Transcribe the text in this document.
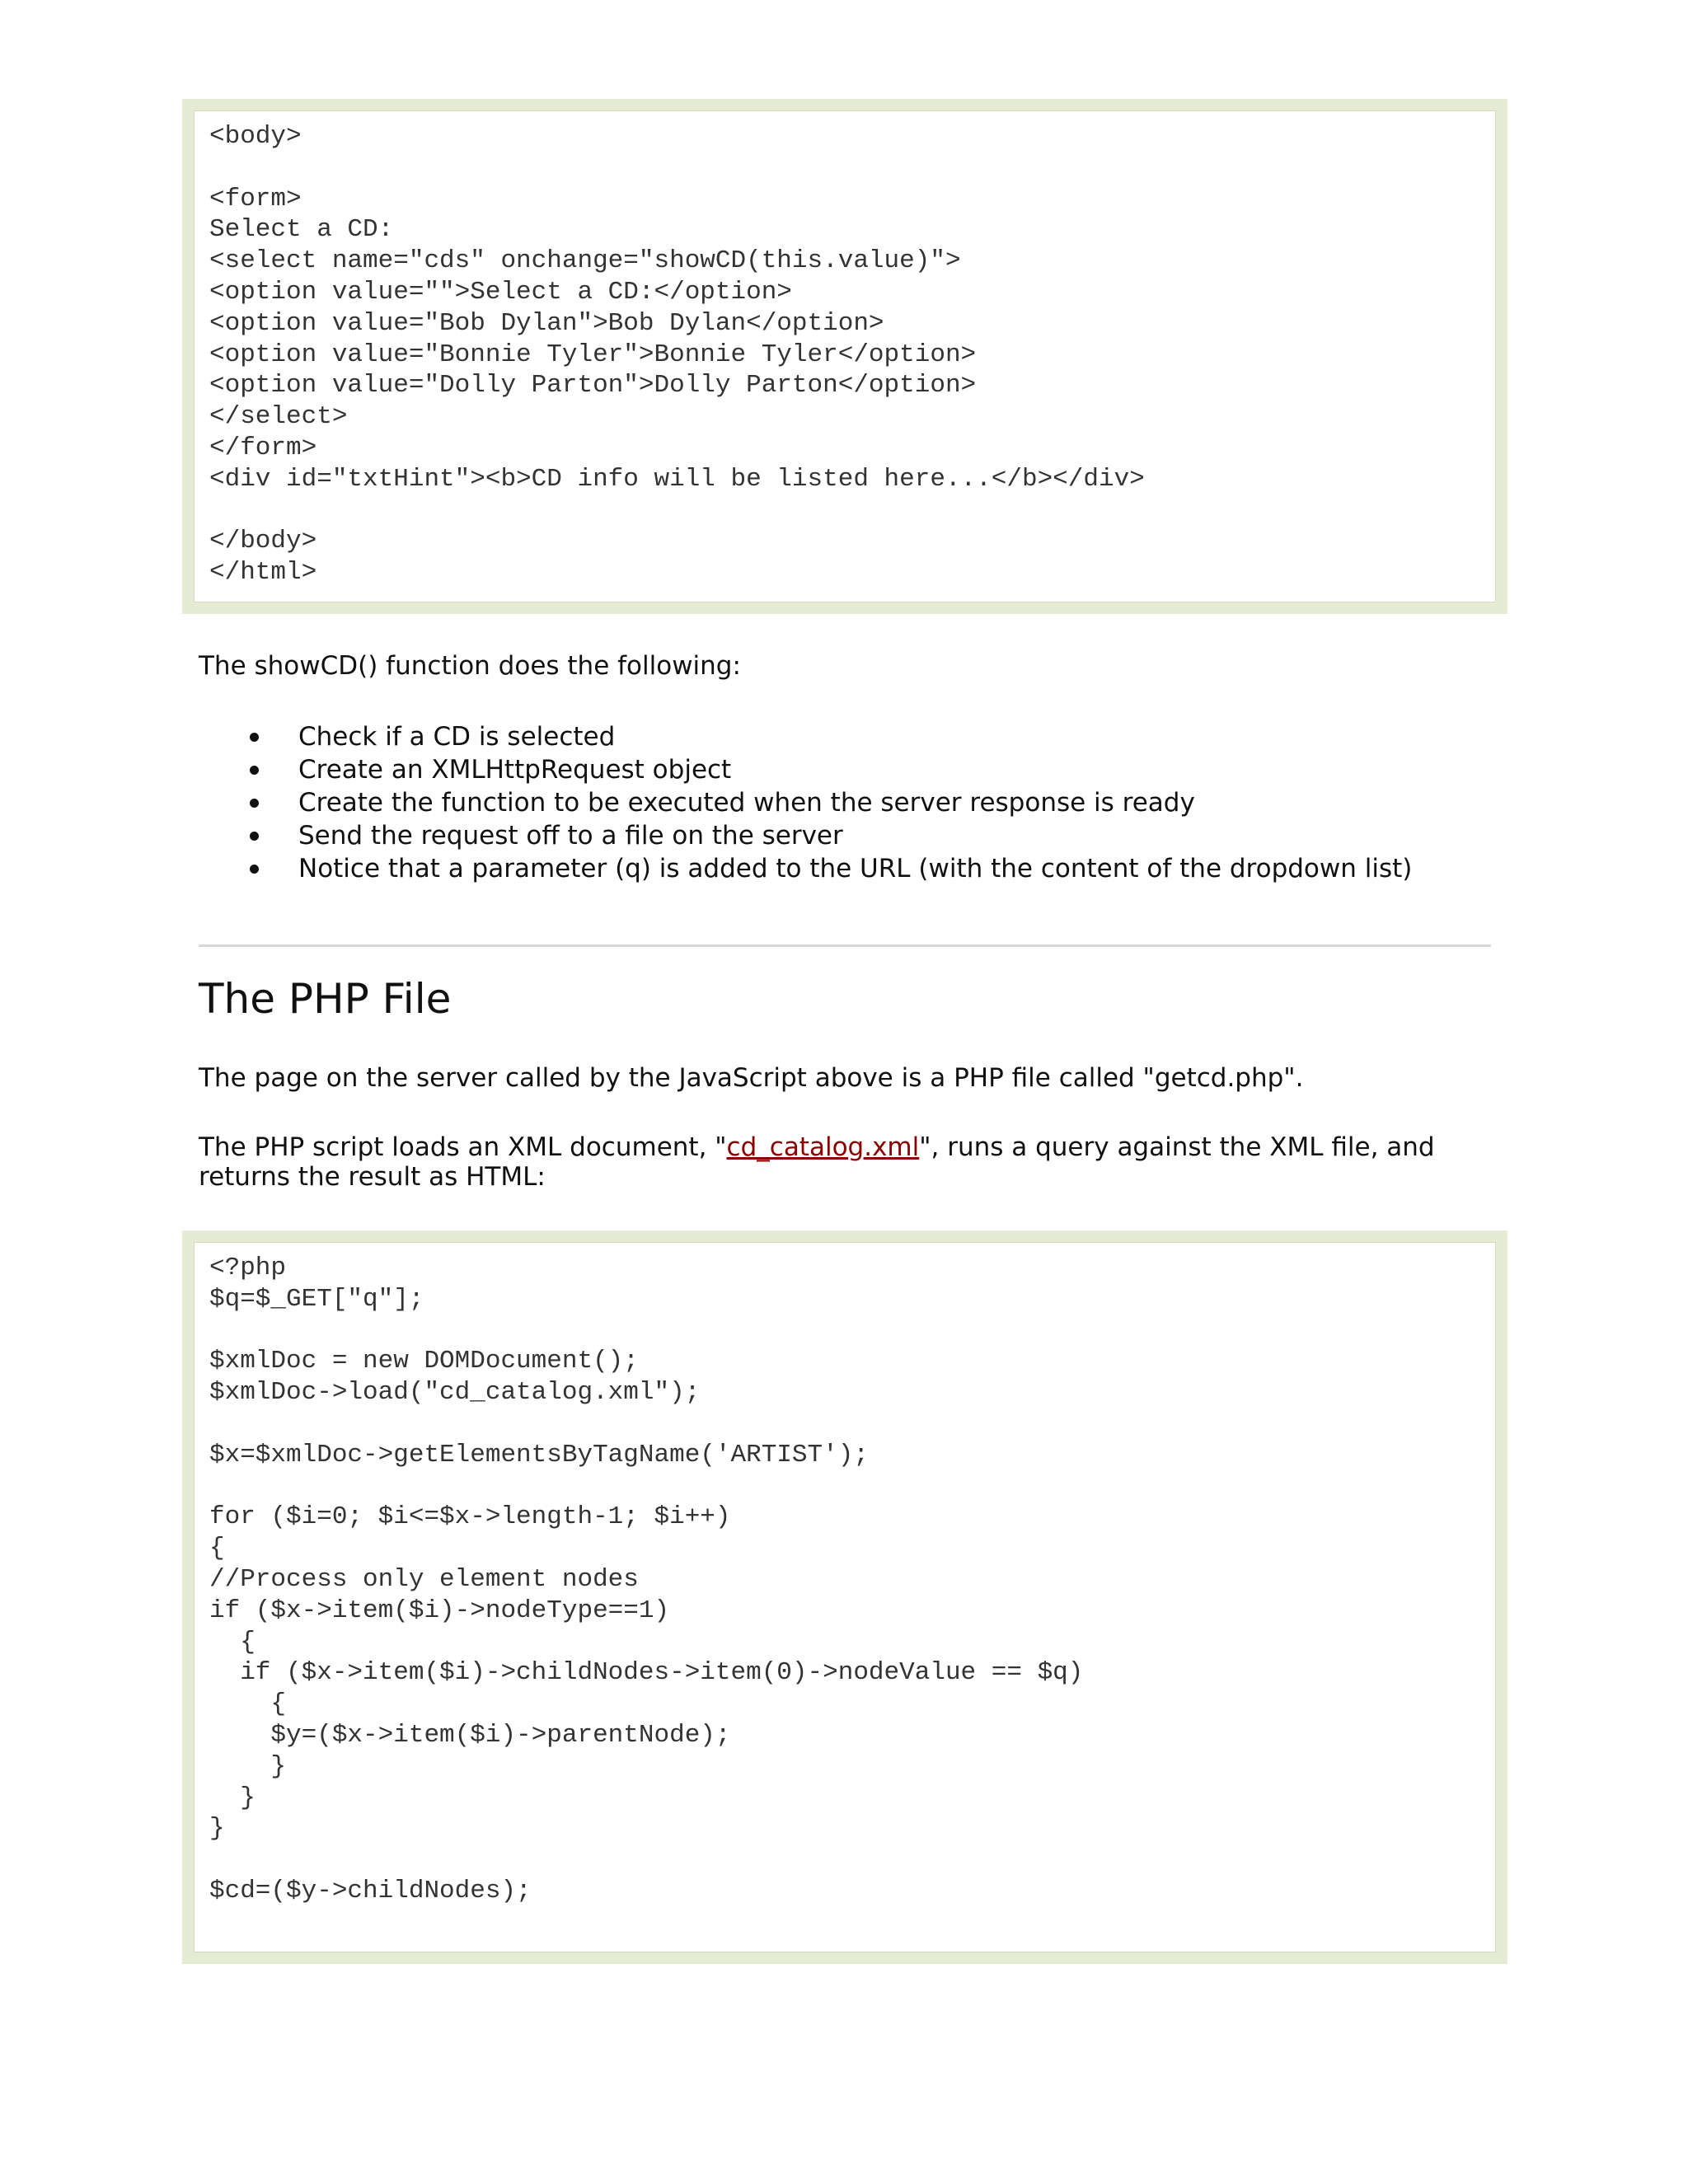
<body>
<form>
Select a CD:
<select name="cds" onchange="showCD(this.value)">
<option value="">Select a CD:</option>
<option value="Bob Dylan">Bob Dylan</option>
<option value="Bonnie Tyler">Bonnie Tyler</option>
<option value="Dolly Parton">Dolly Parton</option>
</select>
</form>
<div id="txtHint"><b>CD info will be listed here...</b></div>
</body>
</html>
The showCD() function does the following:
Check if a CD is selected
Create an XMLHttpRequest object
Create the function to be executed when the server response is ready
Send the request off to a file on the server
Notice that a parameter (q) is added to the URL (with the content of the dropdown list)
The PHP File
The page on the server called by the JavaScript above is a PHP file called "getcd.php".
The PHP script loads an XML document, "cd_catalog.xml", runs a query against the XML file, and
returns the result as HTML:
<?php
$q=$_GET["q"];
$xmlDoc = new DOMDocument();
$xmlDoc->load("cd_catalog.xml");
$x=$xmlDoc->getElementsByTagName('ARTIST');
for ($i=0; $i<=$x->length-1; $i++)
{
//Process only element nodes
if ($x->item($i)->nodeType==1)
{
if ($x->item($i)->childNodes->item(0)->nodeValue == $q)
{
$y=($x->item($i)->parentNode);
}
}
}
$cd=($y->childNodes);
